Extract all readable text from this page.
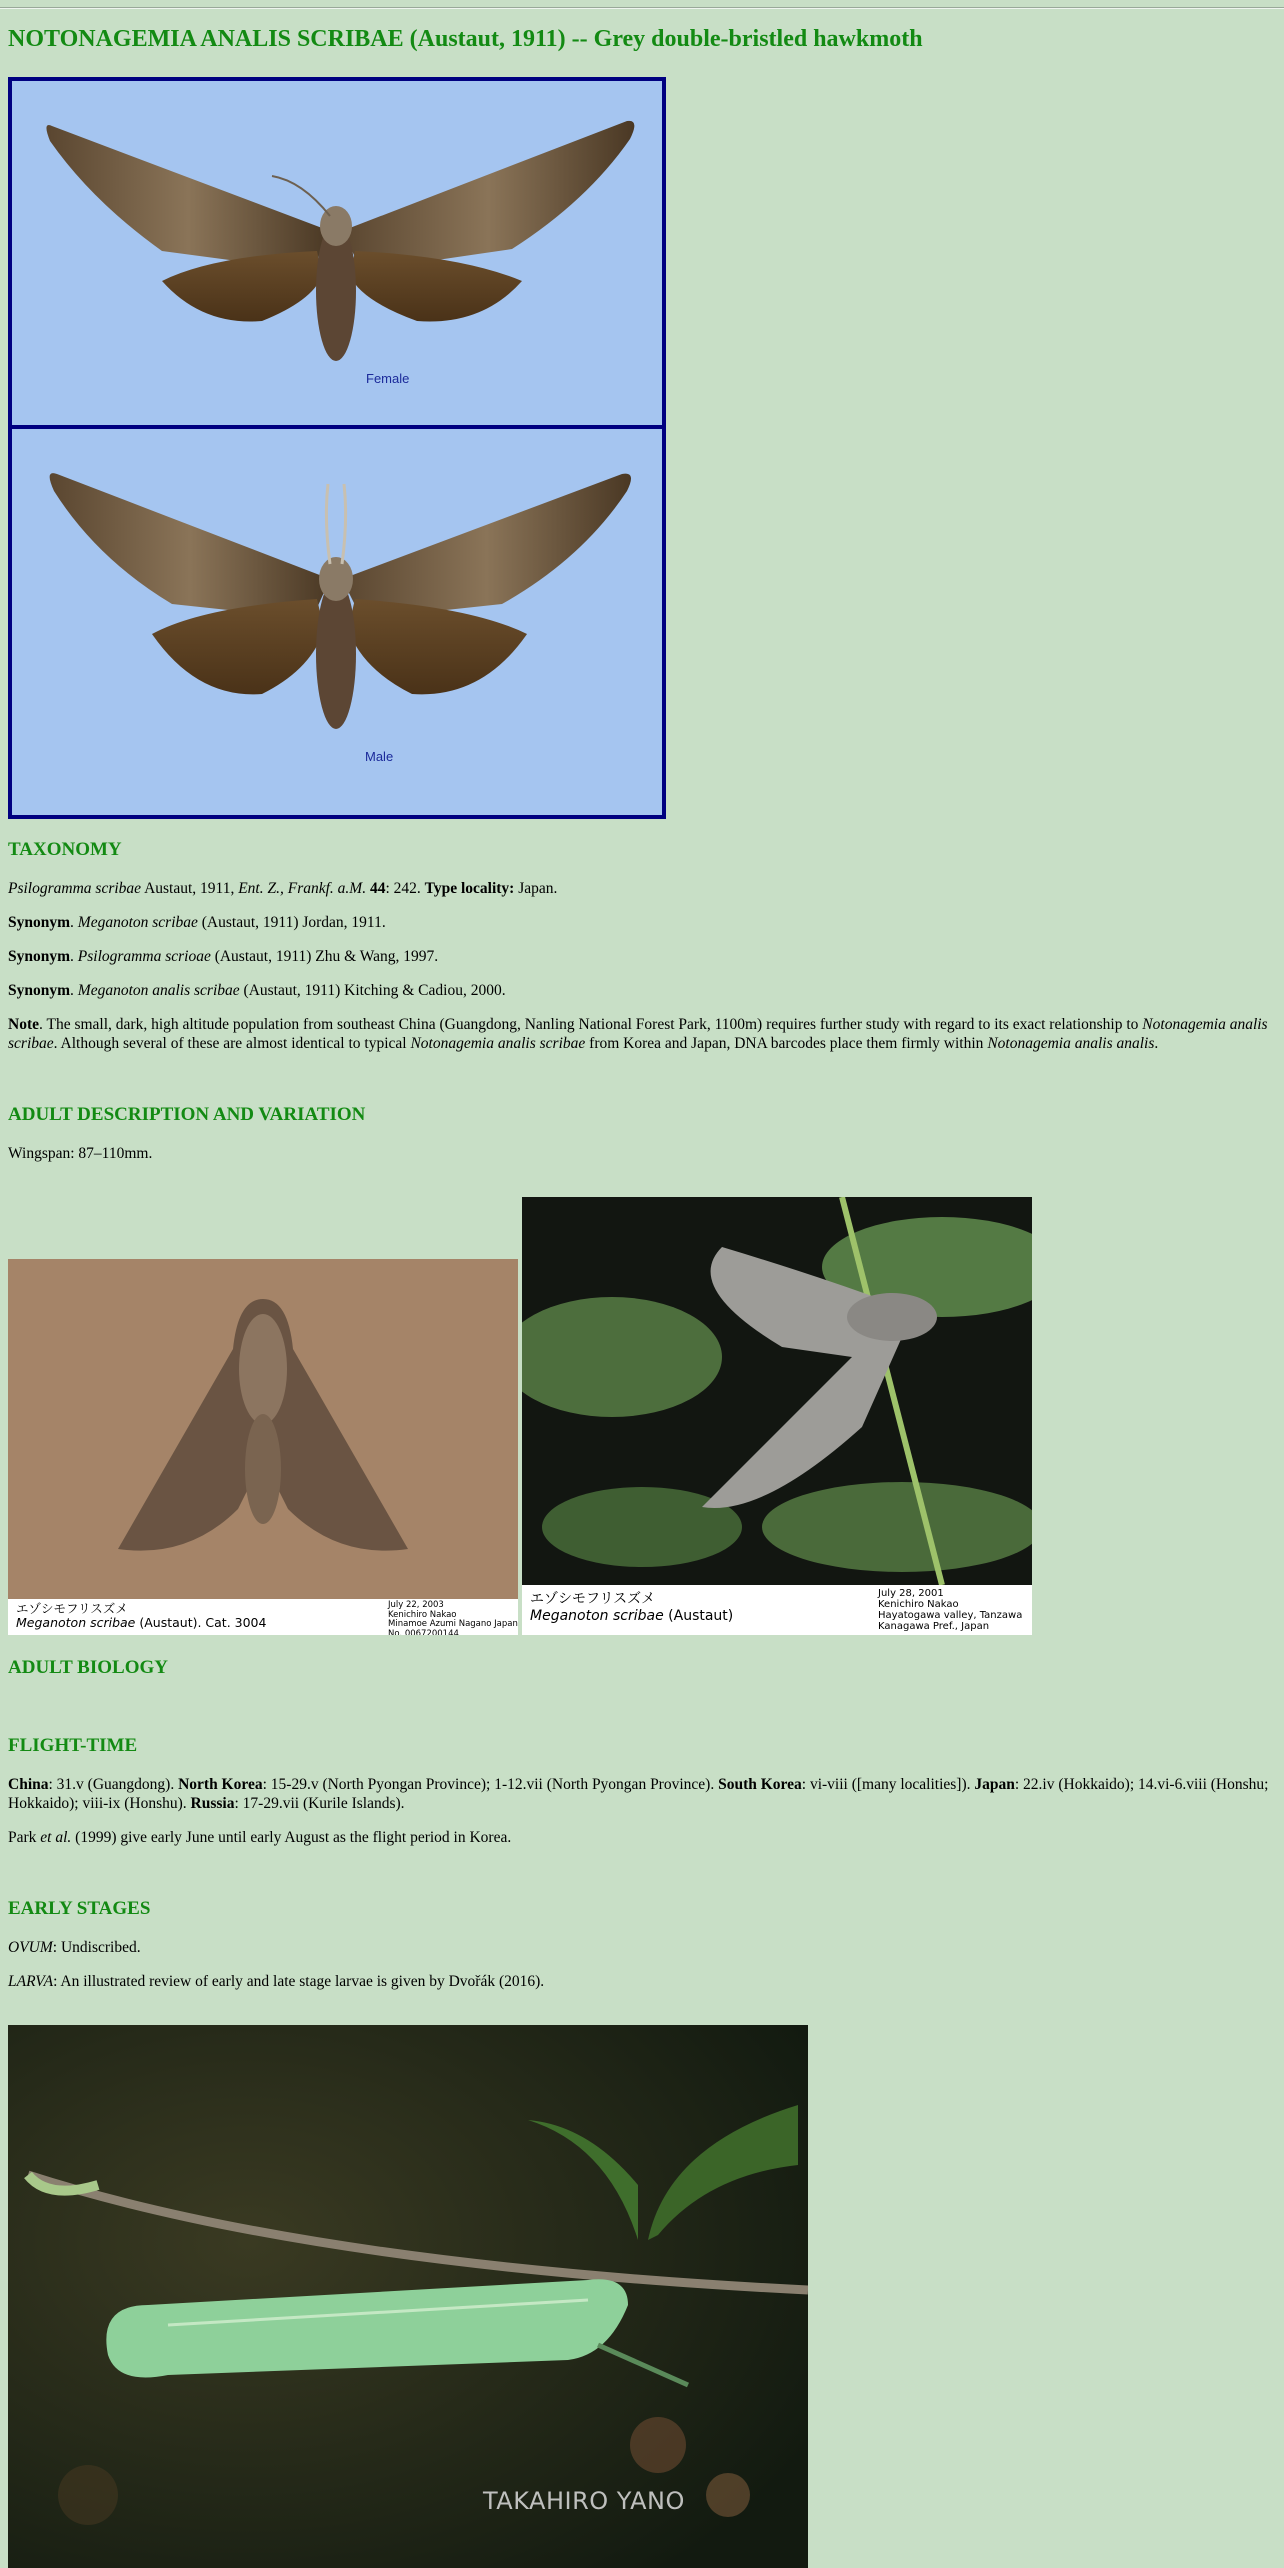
NOTONAGEMIA ANALIS SCRIBAE (Austaut, 1911) -- Grey double-bristled hawkmoth
Female
Male
TAXONOMY

Psilogramma scribae Austaut, 1911, Ent. Z., Frankf. a.M. 44: 242. Type locality: Japan.

Synonym. Meganoton scribae (Austaut, 1911) Jordan, 1911.

Synonym. Psilogramma scrioae (Austaut, 1911) Zhu & Wang, 1997.

Synonym. Meganoton analis scribae (Austaut, 1911) Kitching & Cadiou, 2000.

Note. The small, dark, high altitude population from southeast China (Guangdong, Nanling National Forest Park, 1100m) requires further study with regard to its exact relationship to Notonagemia analis scribae. Although several of these are almost identical to typical Notonagemia analis scribae from Korea and Japan, DNA barcodes place them firmly within Notonagemia analis analis.

ADULT DESCRIPTION AND VARIATION

Wingspan: 87–110mm.

エゾシモフリスズメ
Meganoton scribae (Austaut). Cat. 3004
July 22, 2003
Kenichiro Nakao
Minamoe Azumi Nagano Japan
No. 0067200144
エゾシモフリスズメ
Meganoton scribae (Austaut)
July 28, 2001
Kenichiro Nakao
Hayatogawa valley, Tanzawa
Kanagawa Pref., Japan
ADULT BIOLOGY
FLIGHT-TIME

China: 31.v (Guangdong). North Korea: 15-29.v (North Pyongan Province); 1-12.vii (North Pyongan Province). South Korea: vi-viii ([many localities]). Japan: 22.iv (Hokkaido); 14.vi-6.viii (Honshu; Hokkaido); viii-ix (Honshu). Russia: 17-29.vii (Kurile Islands).

Park et al. (1999) give early June until early August as the flight period in Korea.

EARLY STAGES

OVUM: Undiscribed.

LARVA: An illustrated review of early and late stage larvae is given by Dvořák (2016).

TAKAHIRO YANO
